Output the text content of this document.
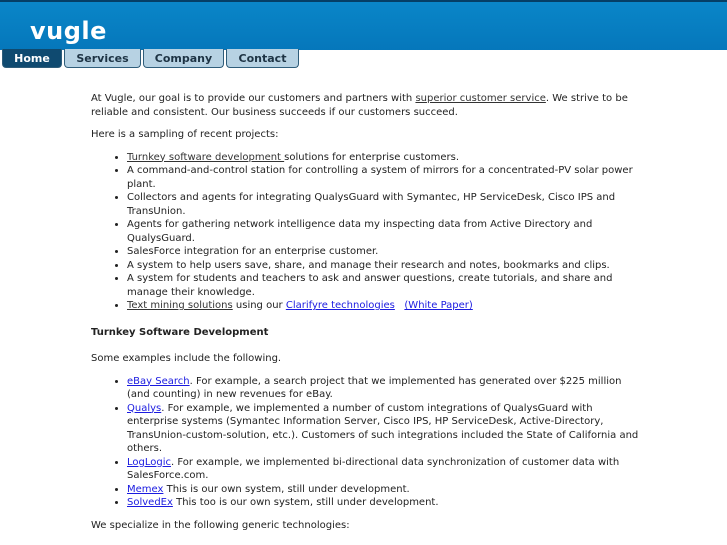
vugle
Home	Services	Company	Contact

At Vugle, our goal is to provide our customers and partners with superior customer service. We strive to be reliable and consistent. Our business succeeds if our customers succeed.

Here is a sampling of recent projects:

• Turnkey software development solutions for enterprise customers.
• A command-and-control station for controlling a system of mirrors for a concentrated-PV solar power plant.
• Collectors and agents for integrating QualysGuard with Symantec, HP ServiceDesk, Cisco IPS and TransUnion.
• Agents for gathering network intelligence data my inspecting data from Active Directory and QualysGuard.
• SalesForce integration for an enterprise customer.
• A system to help users save, share, and manage their research and notes, bookmarks and clips.
• A system for students and teachers to ask and answer questions, create tutorials, and share and manage their knowledge.
• Text mining solutions using our Clarifyre technologies (White Paper)
Turnkey Software Development

Some examples include the following.

• eBay Search. For example, a search project that we implemented has generated over $225 million (and counting) in new revenues for eBay.
• Qualys. For example, we implemented a number of custom integrations of QualysGuard with enterprise systems (Symantec Information Server, Cisco IPS, HP ServiceDesk, Active-Directory, TransUnion-custom-solution, etc.). Customers of such integrations included the State of California and others.
• LogLogic. For example, we implemented bi-directional data synchronization of customer data with SalesForce.com.
• Memex This is our own system, still under development.
• SolvedEx This too is our own system, still under development.

We specialize in the following generic technologies:
